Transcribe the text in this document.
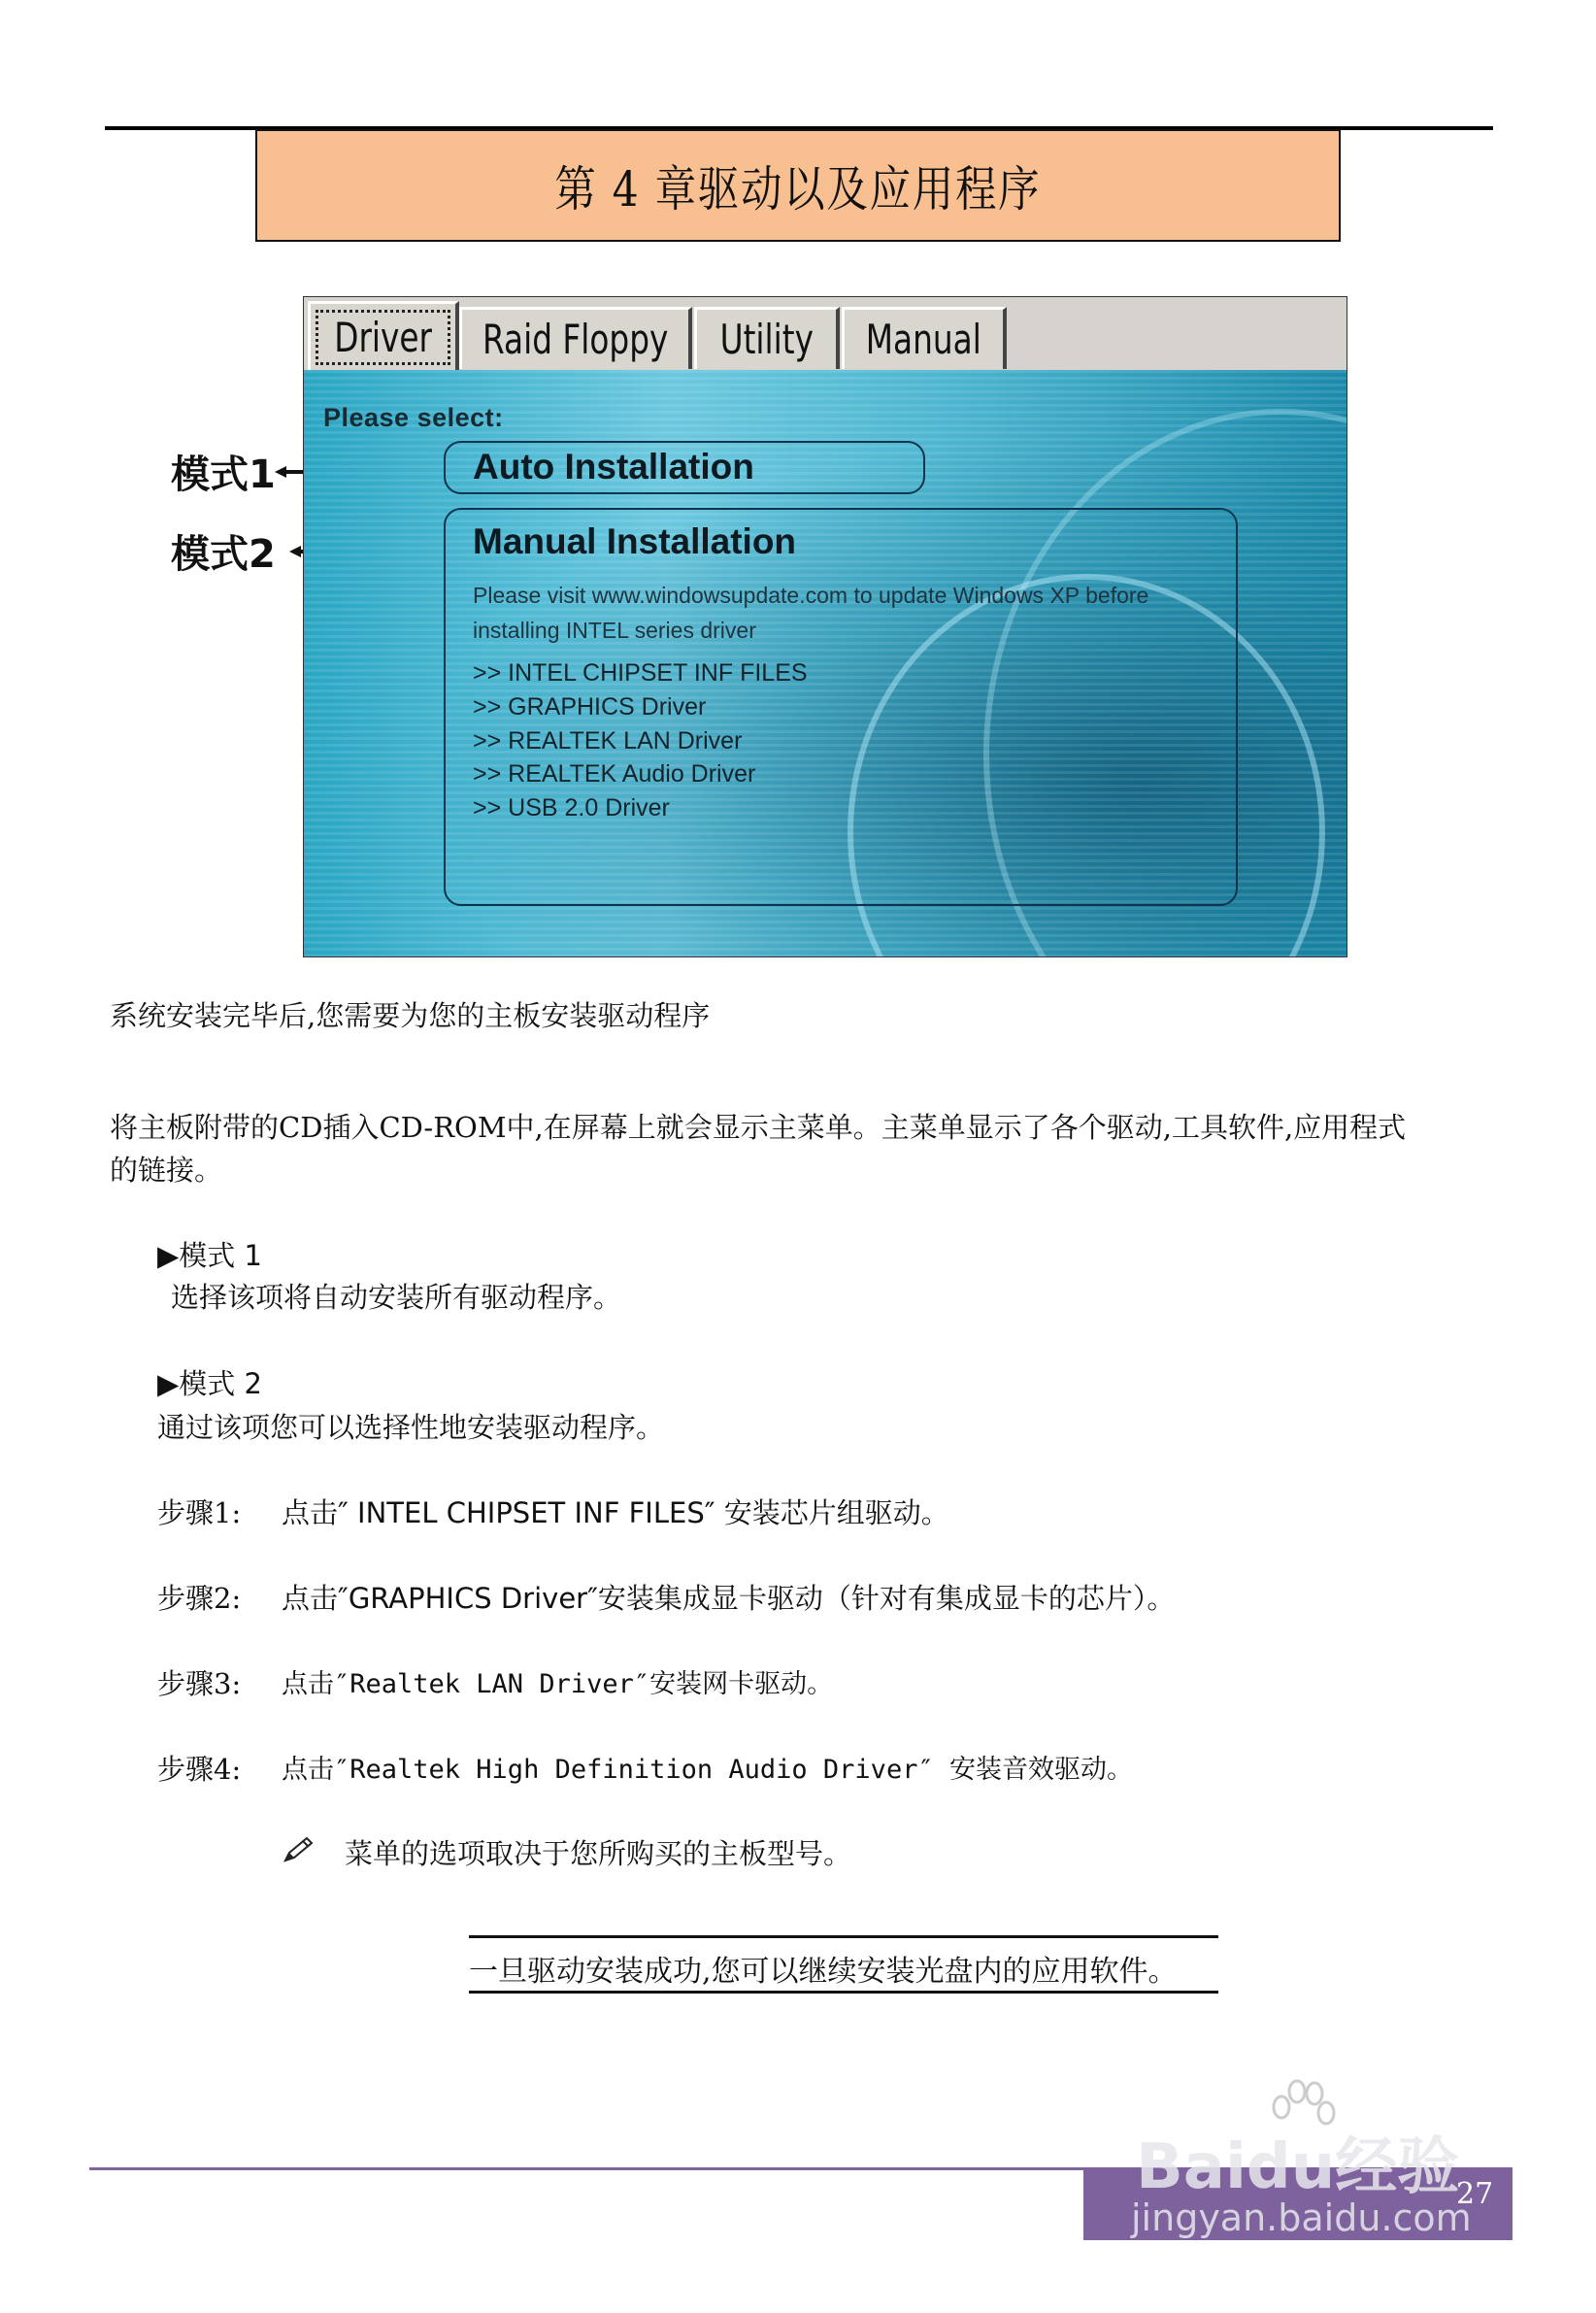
第 4 章驱动以及应用程序
模式1
模式2
Driver Raid Floppy Utility Manual
Please select:
Auto Installation
Manual Installation
Please visit www.windowsupdate.com to update Windows XP before installing INTEL series driver
>> INTEL CHIPSET INF FILES
>> GRAPHICS Driver
>> REALTEK LAN Driver
>> REALTEK Audio Driver
>> USB 2.0 Driver
系统安装完毕后,您需要为您的主板安装驱动程序
将主板附带的CD插入CD-ROM中,在屏幕上就会显示主菜单。主菜单显示了各个驱动,工具软件,应用程式
的链接。
▶模式 1
选择该项将自动安装所有驱动程序。
▶模式 2
通过该项您可以选择性地安装驱动程序。
步骤1: 点击″ INTEL CHIPSET INF FILES″ 安装芯片组驱动。
步骤2: 点击″GRAPHICS Driver″安装集成显卡驱动（针对有集成显卡的芯片）。
步骤3: 点击″Realtek LAN Driver″安装网卡驱动。
步骤4: 点击″Realtek High Definition Audio Driver″ 安装音效驱动。
菜单的选项取决于您所购买的主板型号。
一旦驱动安装成功,您可以继续安装光盘内的应用软件。
27
Baidu经验
jingyan.baidu.com
